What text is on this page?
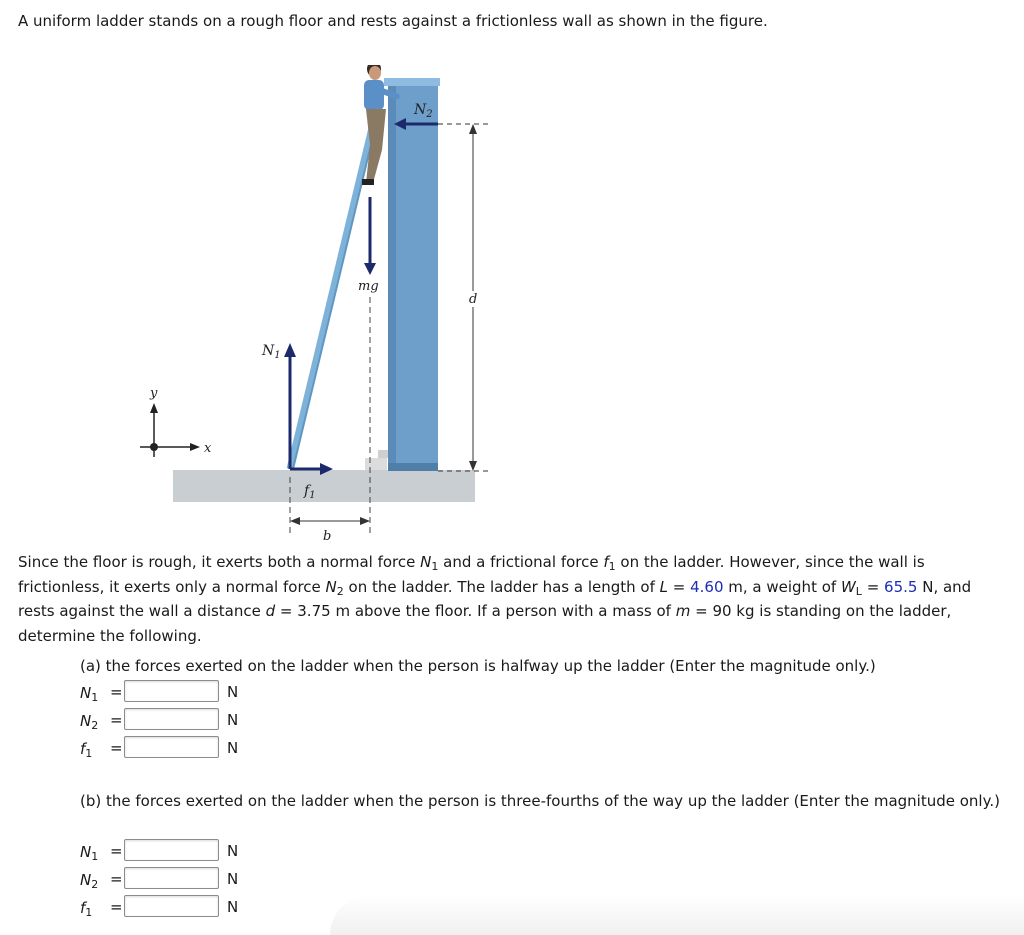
A uniform ladder stands on a rough floor and rests against a frictionless wall as shown in the figure.

$N_2$
mg
d
$N_1$
$f_1$
b
y
x

Since the floor is rough, it exerts both a normal force $N_1$ and a frictional force $f_1$ on the ladder. However, since the wall is frictionless, it exerts only a normal force $N_2$ on the ladder. The ladder has a length of L = 4.60 m, a weight of $W_L = 65.5$ N, and rests against the wall a distance d = 3.75 m above the floor. If a person with a mass of m = 90 kg is standing on the ladder, determine the following.

(a) the forces exerted on the ladder when the person is halfway up the ladder (Enter the magnitude only.)

$N_1$ =	N
$N_2$ =	N
$f_1$ =	N

(b) the forces exerted on the ladder when the person is three-fourths of the way up the ladder (Enter the magnitude only.)

$N_1$ =	N
$N_2$ =	N
$f_1$ =	N
